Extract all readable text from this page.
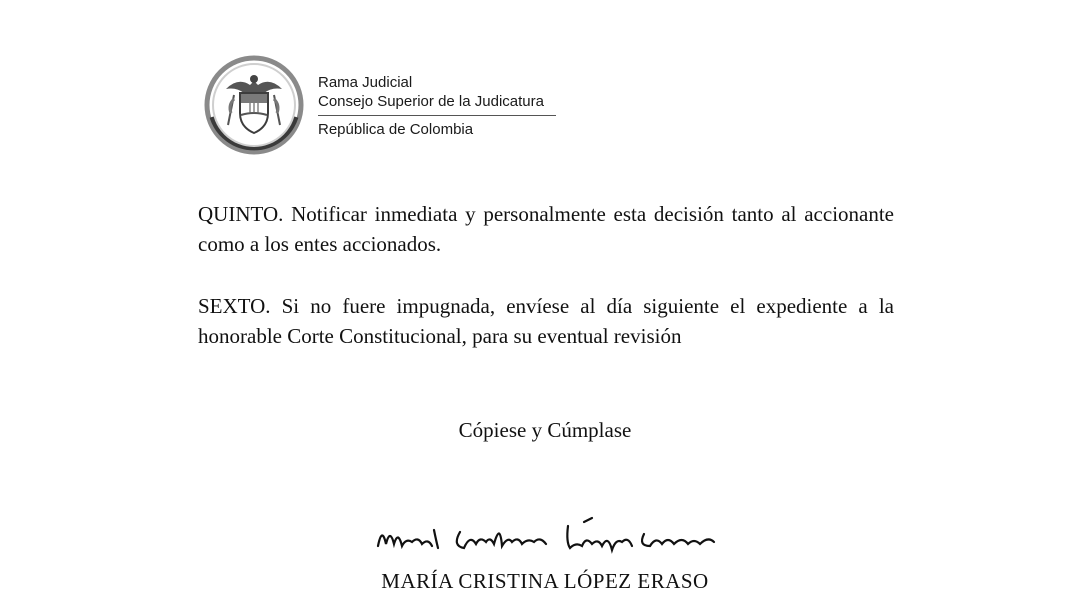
Rama Judicial
Consejo Superior de la Judicatura
República de Colombia

QUINTO. Notificar inmediata y personalmente esta decisión tanto al accionante como a los entes accionados.

SEXTO. Si no fuere impugnada, envíese al día siguiente el expediente a la honorable Corte Constitucional, para su eventual revisión

Cópiese y Cúmplase
MARÍA CRISTINA LÓPEZ ERASO
